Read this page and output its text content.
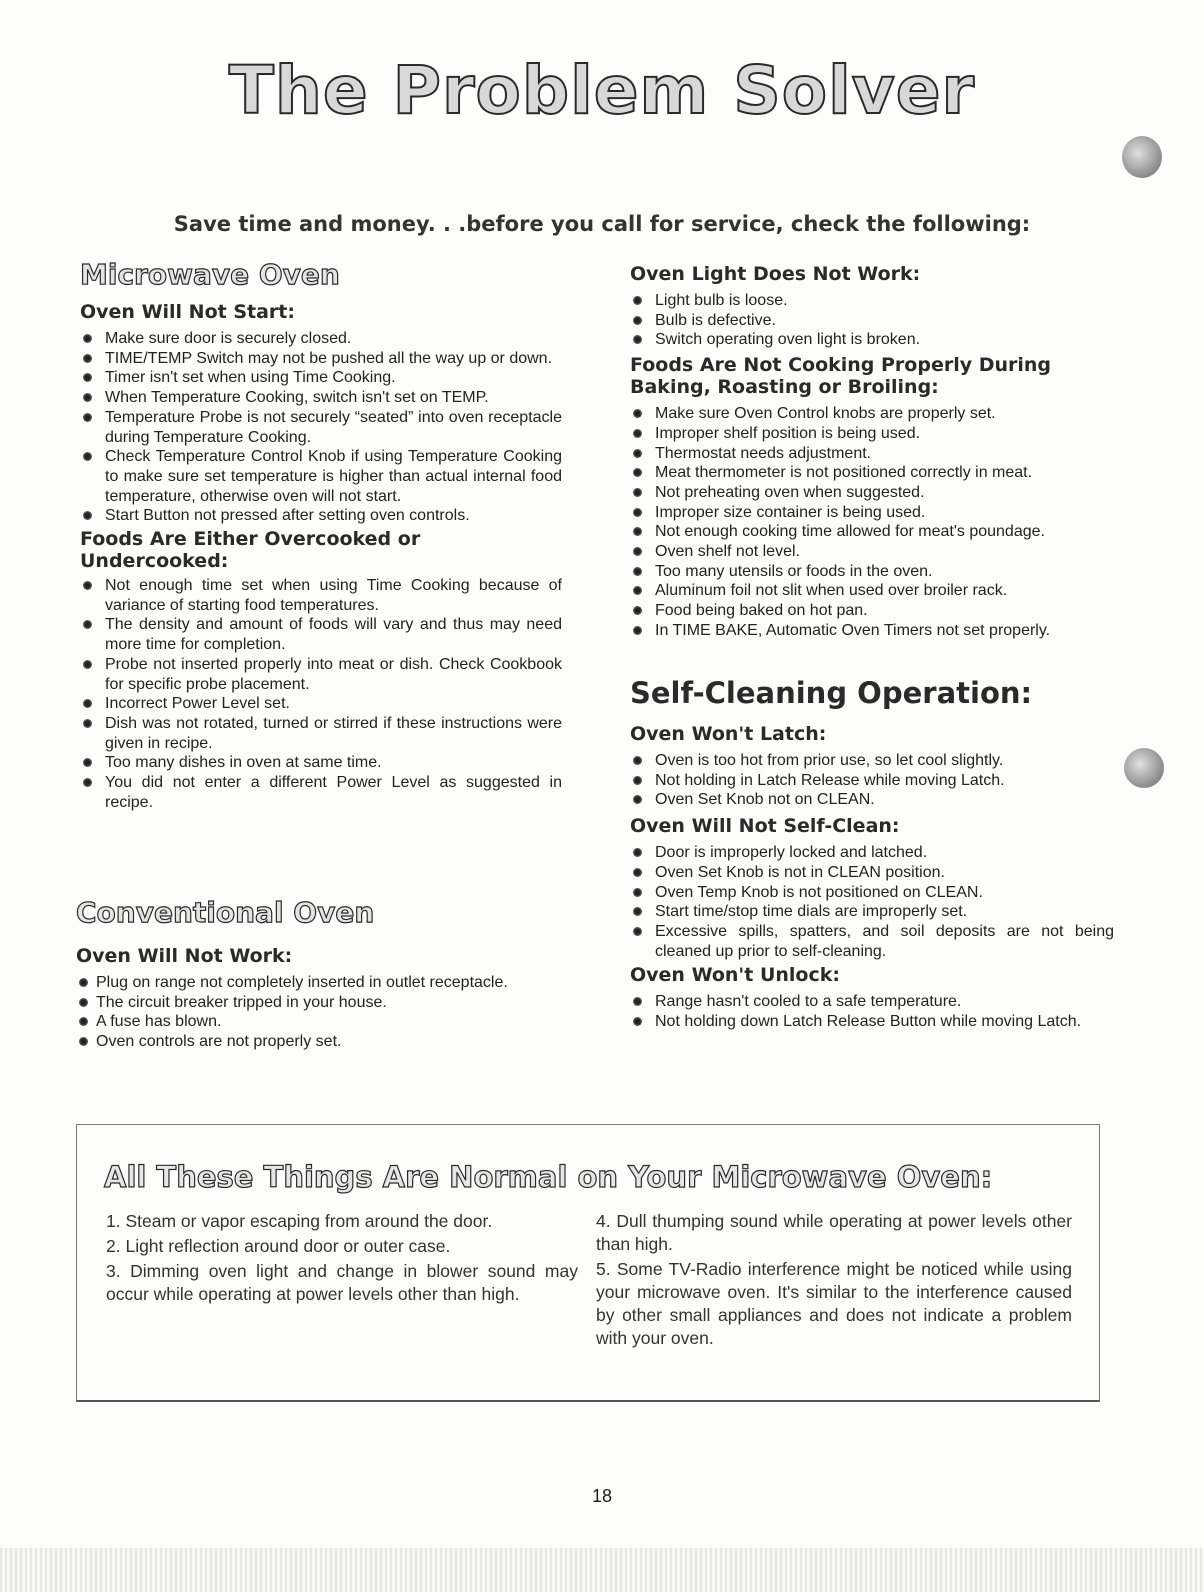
The Problem Solver
Save time and money. . .before you call for service, check the following:
Microwave Oven
Oven Will Not Start:
Make sure door is securely closed.
TIME/TEMP Switch may not be pushed all the way up or down.
Timer isn't set when using Time Cooking.
When Temperature Cooking, switch isn't set on TEMP.
Temperature Probe is not securely “seated” into oven receptacle during Temperature Cooking.
Check Temperature Control Knob if using Temperature Cooking to make sure set temperature is higher than actual internal food temperature, otherwise oven will not start.
Start Button not pressed after setting oven controls.
Foods Are Either Overcooked or Undercooked:
Not enough time set when using Time Cooking because of variance of starting food temperatures.
The density and amount of foods will vary and thus may need more time for completion.
Probe not inserted properly into meat or dish. Check Cookbook for specific probe placement.
Incorrect Power Level set.
Dish was not rotated, turned or stirred if these instructions were given in recipe.
Too many dishes in oven at same time.
You did not enter a different Power Level as suggested in recipe.
Conventional Oven
Oven Will Not Work:
Plug on range not completely inserted in outlet receptacle.
The circuit breaker tripped in your house.
A fuse has blown.
Oven controls are not properly set.
Oven Light Does Not Work:
Light bulb is loose.
Bulb is defective.
Switch operating oven light is broken.
Foods Are Not Cooking Properly During Baking, Roasting or Broiling:
Make sure Oven Control knobs are properly set.
Improper shelf position is being used.
Thermostat needs adjustment.
Meat thermometer is not positioned correctly in meat.
Not preheating oven when suggested.
Improper size container is being used.
Not enough cooking time allowed for meat's poundage.
Oven shelf not level.
Too many utensils or foods in the oven.
Aluminum foil not slit when used over broiler rack.
Food being baked on hot pan.
In TIME BAKE, Automatic Oven Timers not set properly.
Self-Cleaning Operation:
Oven Won't Latch:
Oven is too hot from prior use, so let cool slightly.
Not holding in Latch Release while moving Latch.
Oven Set Knob not on CLEAN.
Oven Will Not Self-Clean:
Door is improperly locked and latched.
Oven Set Knob is not in CLEAN position.
Oven Temp Knob is not positioned on CLEAN.
Start time/stop time dials are improperly set.
Excessive spills, spatters, and soil deposits are not being cleaned up prior to self-cleaning.
Oven Won't Unlock:
Range hasn't cooled to a safe temperature.
Not holding down Latch Release Button while moving Latch.
All These Things Are Normal on Your Microwave Oven:

1. Steam or vapor escaping from around the door.

2. Light reflection around door or outer case.

3. Dimming oven light and change in blower sound may occur while operating at power levels other than high.

4. Dull thumping sound while operating at power levels other than high.

5. Some TV-Radio interference might be noticed while using your microwave oven. It's similar to the interference caused by other small appliances and does not indicate a problem with your oven.

18
